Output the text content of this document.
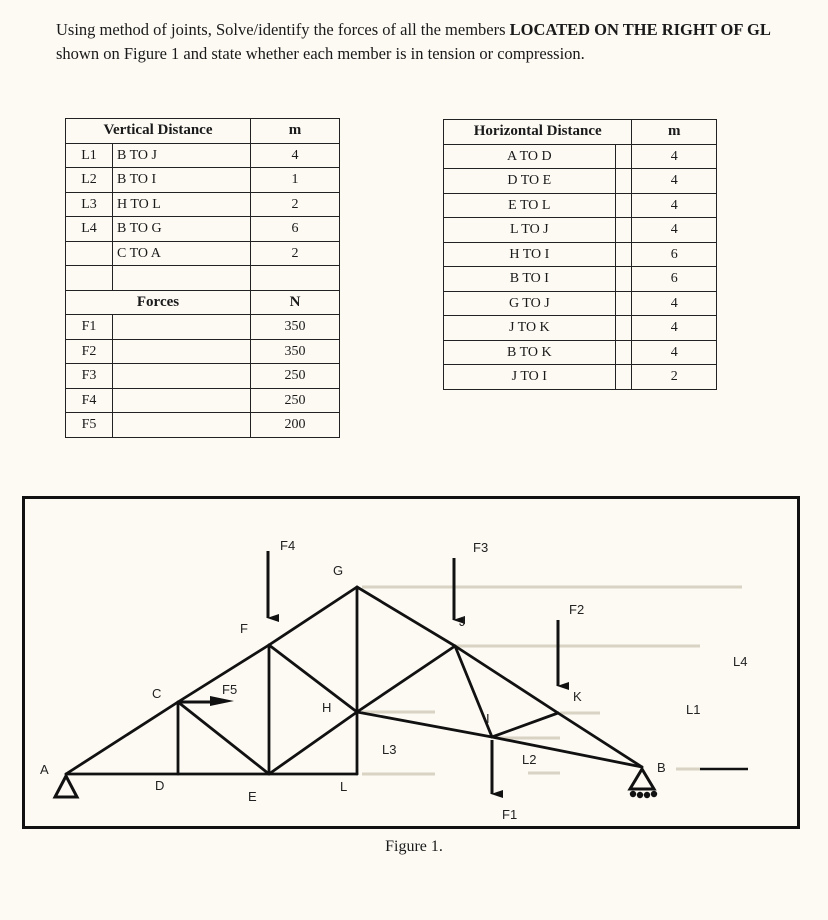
Using method of joints, Solve/identify the forces of all the members LOCATED ON THE RIGHT OF GL
shown on Figure 1 and state whether each member is in tension or compression.
Vertical Distance		m
L1	B TO J	4
L2	B TO I	1
L3	H TO L	2
L4	B TO G	6
	C TO A	2

Forces		N
F1		350
F2		350
F3		250
F4		250
F5		200
Horizontal Distance		m
A TO D		4
D TO E		4
E TO L		4
L TO J		4
H TO I		6
B TO I		6
G TO J		4
J TO K		4
B TO K		4
J TO I		2
A	B
C
D
E
F
G
H
I
J
K
L
F4	F3
F2
F1
F5
L3
L2
L1
L4
Figure 1.
